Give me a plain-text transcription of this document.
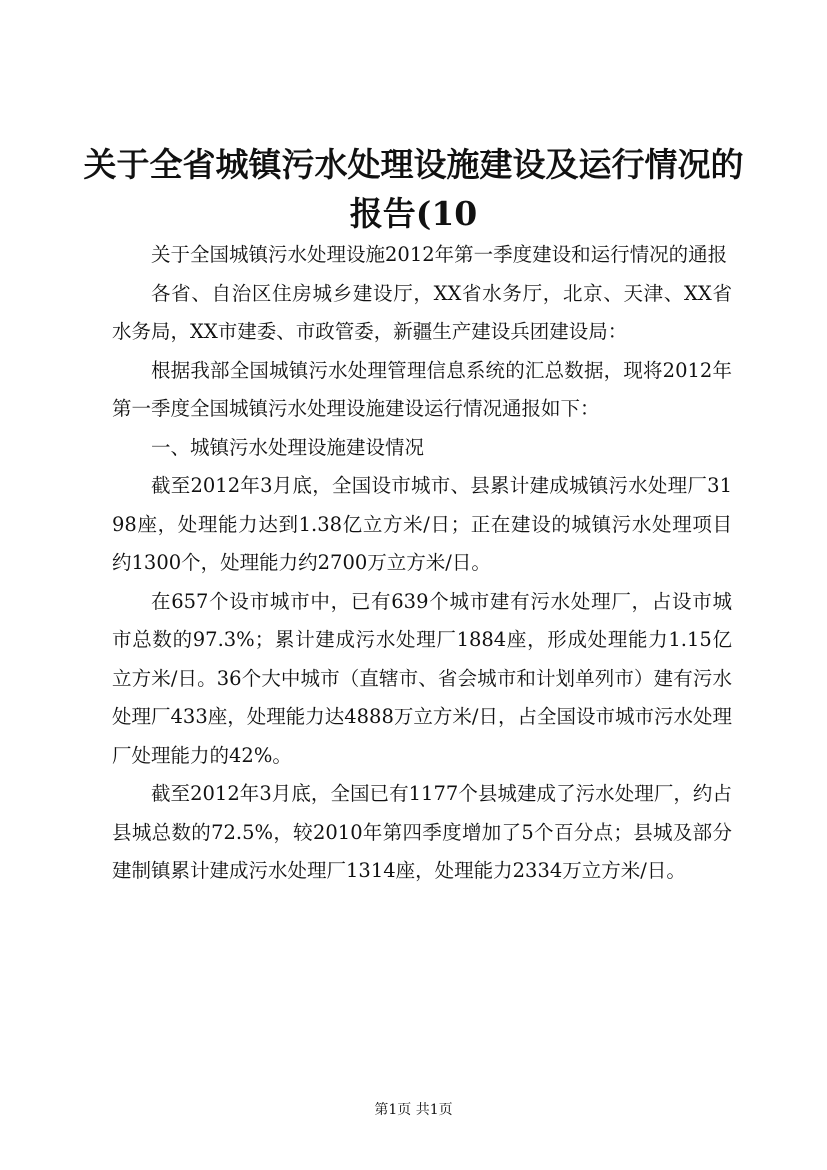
关于全省城镇污水处理设施建设及运行情况的报告(10

关于全国城镇污水处理设施2012年第一季度建设和运行情况的通报

各省、自治区住房城乡建设厅，XX省水务厅，北京、天津、XX省水务局，XX市建委、市政管委，新疆生产建设兵团建设局：

根据我部全国城镇污水处理管理信息系统的汇总数据，现将2012年第一季度全国城镇污水处理设施建设运行情况通报如下：

一、城镇污水处理设施建设情况

截至2012年3月底，全国设市城市、县累计建成城镇污水处理厂3198座，处理能力达到1.38亿立方米/日；正在建设的城镇污水处理项目约1300个，处理能力约2700万立方米/日。

在657个设市城市中，已有639个城市建有污水处理厂，占设市城市总数的97.3%；累计建成污水处理厂1884座，形成处理能力1.15亿立方米/日。36个大中城市（直辖市、省会城市和计划单列市）建有污水处理厂433座，处理能力达4888万立方米/日，占全国设市城市污水处理厂处理能力的42%。

截至2012年3月底，全国已有1177个县城建成了污水处理厂，约占县城总数的72.5%，较2010年第四季度增加了5个百分点；县城及部分建制镇累计建成污水处理厂1314座，处理能力2334万立方米/日。

第1页 共1页
